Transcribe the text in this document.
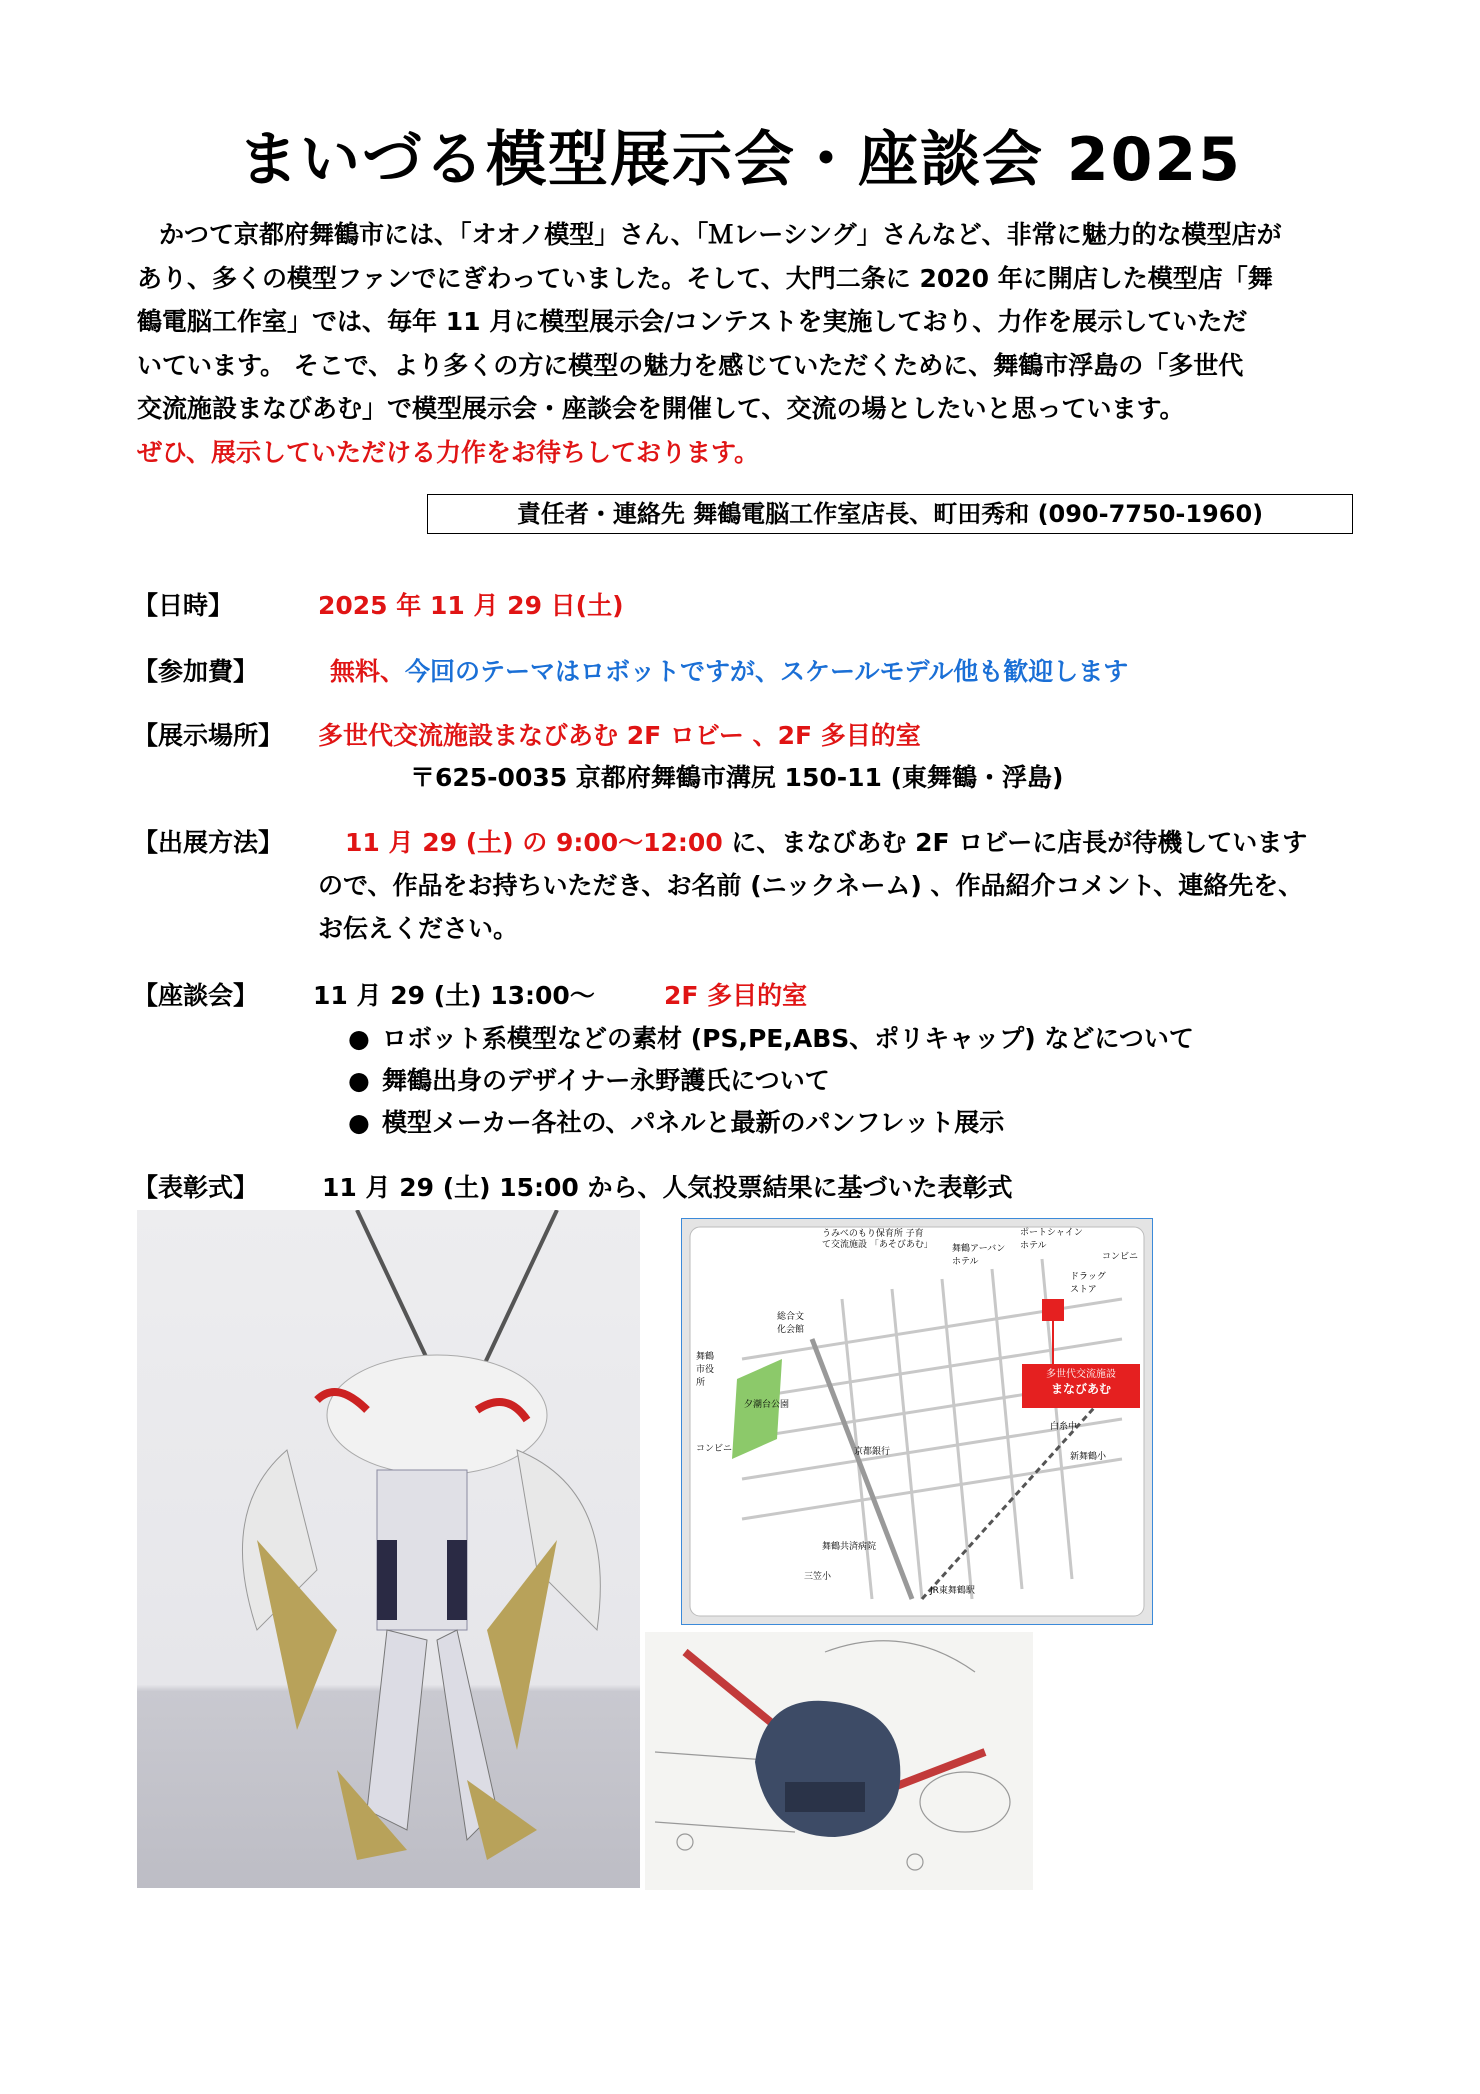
まいづる模型展示会・座談会 2025
かつて京都府舞鶴市には、「オオノ模型」さん、「Ｍレーシング」さんなど、非常に魅力的な模型店が
あり、多くの模型ファンでにぎわっていました。そして、大門二条に 2020 年に開店した模型店「舞
鶴電脳工作室」では、毎年 11 月に模型展示会/コンテストを実施しており、力作を展示していただ
いています。 そこで、より多くの方に模型の魅力を感じていただくために、舞鶴市浮島の「多世代
交流施設まなびあむ」で模型展示会・座談会を開催して、交流の場としたいと思っています。
ぜひ、展示していただける力作をお待ちしております。
責任者・連絡先 舞鶴電脳工作室店長、町田秀和 (090-7750-1960)
【日時】	2025 年 11 月 29 日(土)
【参加費】	無料、今回のテーマはロボットですが、スケールモデル他も歓迎します
【展示場所】 多世代交流施設まなびあむ 2F ロビー 、2F 多目的室
〒625-0035 京都府舞鶴市溝尻 150-11 (東舞鶴・浮島)
【出展方法】 11 月 29 (土) の 9:00～12:00 に、まなびあむ 2F ロビーに店長が待機しています
ので、作品をお持ちいただき、お名前 (ニックネーム) 、作品紹介コメント、連絡先を、
お伝えください。
【座談会】 11 月 29 (土) 13:00～	2F 多目的室
● ロボット系模型などの素材 (PS,PE,ABS、ポリキャップ) などについて
● 舞鶴出身のデザイナー永野護氏について
● 模型メーカー各社の、パネルと最新のパンフレット展示
【表彰式】	11 月 29 (土) 15:00 から、人気投票結果に基づいた表彰式
夕潮台公園
総合文化会館
うみべのもり保育所 子育て交流施設 「あそびあむ」 舞鶴アーバン ホテル
ポートシャイン ホテル
ドラッグ ストア
コンビニ
コンビニ
京都銀行
舞鶴共済病院
三笠小
JR東舞鶴駅
新舞鶴小
白糸中
舞鶴市役所
多世代交流施設
まなびあむ
